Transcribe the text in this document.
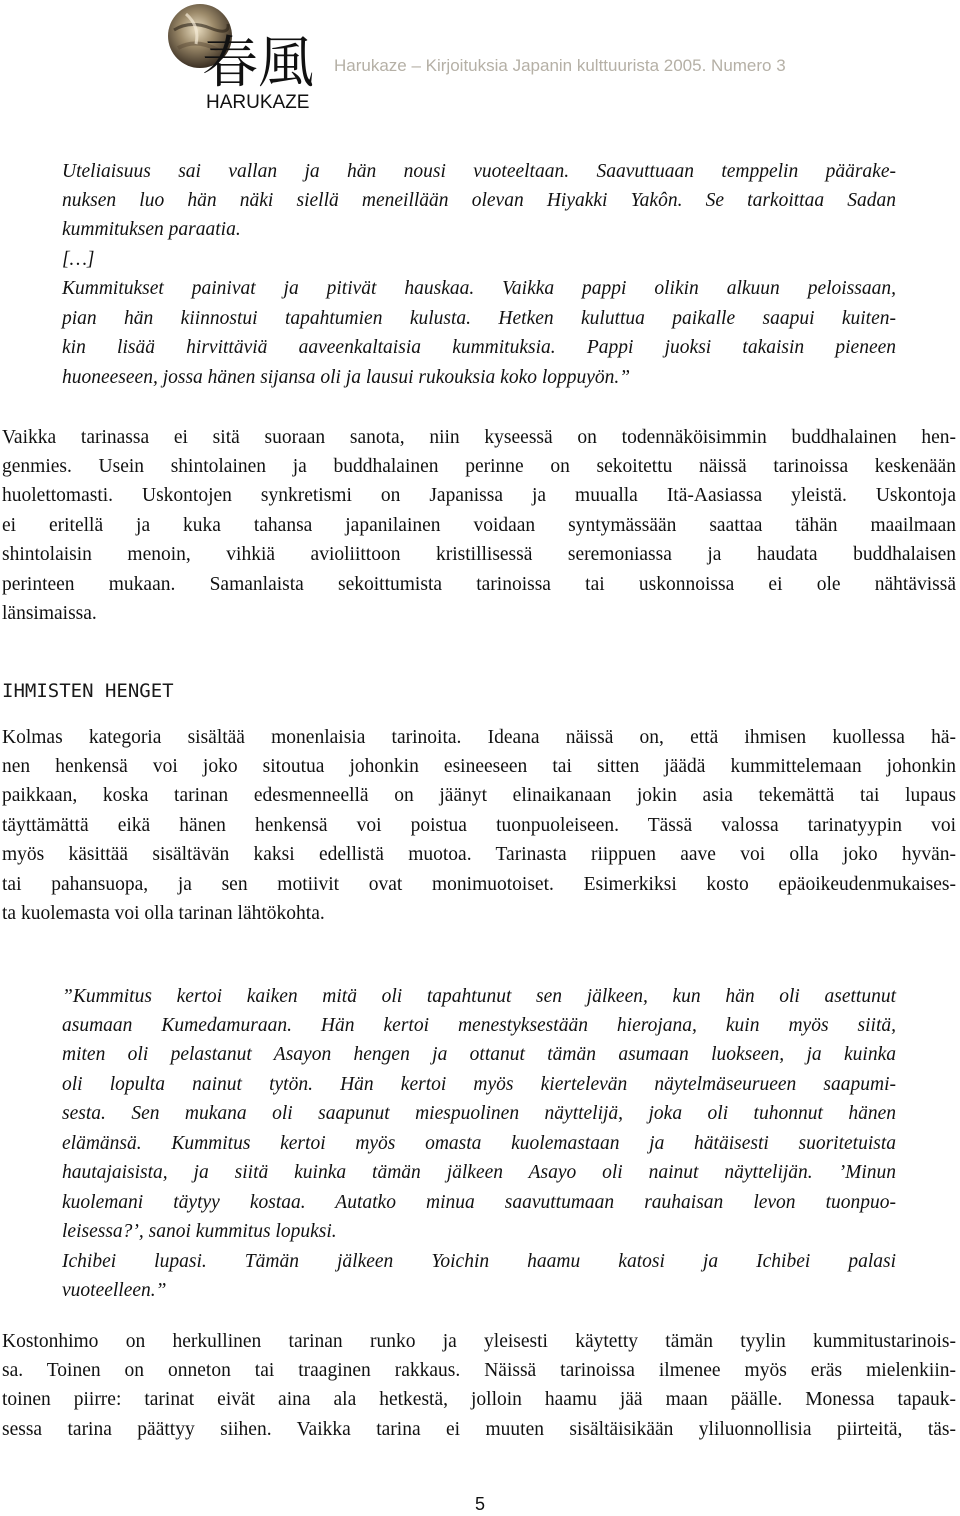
春風
HARUKAZE
Harukaze – Kirjoituksia Japanin kulttuurista 2005. Numero 3
Uteliaisuus sai vallan ja hän nousi vuoteeltaan. Saavuttuaan temppelin päärake-
nuksen luo hän näki siellä meneillään olevan Hiyakki Yakôn. Se tarkoittaa Sadan
kummituksen paraatia.
[…]
Kummitukset painivat ja pitivät hauskaa. Vaikka pappi olikin alkuun peloissaan,
pian hän kiinnostui tapahtumien kulusta. Hetken kuluttua paikalle saapui kuiten-
kin lisää hirvittäviä aaveenkaltaisia kummituksia. Pappi juoksi takaisin pieneen
huoneeseen, jossa hänen sijansa oli ja lausui rukouksia koko loppuyön.”
Vaikka tarinassa ei sitä suoraan sanota, niin kyseessä on todennäköisimmin buddhalainen hen-
genmies. Usein shintolainen ja buddhalainen perinne on sekoitettu näissä tarinoissa keskenään
huolettomasti. Uskontojen synkretismi on Japanissa ja muualla Itä-Aasiassa yleistä. Uskontoja
ei eritellä ja kuka tahansa japanilainen voidaan syntymässään saattaa tähän maailmaan
shintolaisin menoin, vihkiä avioliittoon kristillisessä seremoniassa ja haudata buddhalaisen
perinteen mukaan. Samanlaista sekoittumista tarinoissa tai uskonnoissa ei ole nähtävissä
länsimaissa.
IHMISTEN HENGET
Kolmas kategoria sisältää monenlaisia tarinoita. Ideana näissä on, että ihmisen kuollessa hä-
nen henkensä voi joko sitoutua johonkin esineeseen tai sitten jäädä kummittelemaan johonkin
paikkaan, koska tarinan edesmenneellä on jäänyt elinaikanaan jokin asia tekemättä tai lupaus
täyttämättä eikä hänen henkensä voi poistua tuonpuoleiseen. Tässä valossa tarinatyypin voi
myös käsittää sisältävän kaksi edellistä muotoa. Tarinasta riippuen aave voi olla joko hyvän-
tai pahansuopa, ja sen motiivit ovat monimuotoiset. Esimerkiksi kosto epäoikeudenmukaises-
ta kuolemasta voi olla tarinan lähtökohta.
”Kummitus kertoi kaiken mitä oli tapahtunut sen jälkeen, kun hän oli asettunut
asumaan Kumedamuraan. Hän kertoi menestyksestään hierojana, kuin myös siitä,
miten oli pelastanut Asayon hengen ja ottanut tämän asumaan luokseen, ja kuinka
oli lopulta nainut tytön. Hän kertoi myös kiertelevän näytelmäseurueen saapumi-
sesta. Sen mukana oli saapunut miespuolinen näyttelijä, joka oli tuhonnut hänen
elämänsä. Kummitus kertoi myös omasta kuolemastaan ja hätäisesti suoritetuista
hautajaisista, ja siitä kuinka tämän jälkeen Asayo oli nainut näyttelijän. ’Minun
kuolemani täytyy kostaa. Autatko minua saavuttumaan rauhaisan levon tuonpuo-
leisessa?’, sanoi kummitus lopuksi.
Ichibei lupasi. Tämän jälkeen Yoichin haamu katosi ja Ichibei palasi
vuoteelleen.”
Kostonhimo on herkullinen tarinan runko ja yleisesti käytetty tämän tyylin kummitustarinois-
sa. Toinen on onneton tai traaginen rakkaus. Näissä tarinoissa ilmenee myös eräs mielenkiin-
toinen piirre: tarinat eivät aina ala hetkestä, jolloin haamu jää maan päälle. Monessa tapauk-
sessa tarina päättyy siihen. Vaikka tarina ei muuten sisältäisikään yliluonnollisia piirteitä, täs-
5
